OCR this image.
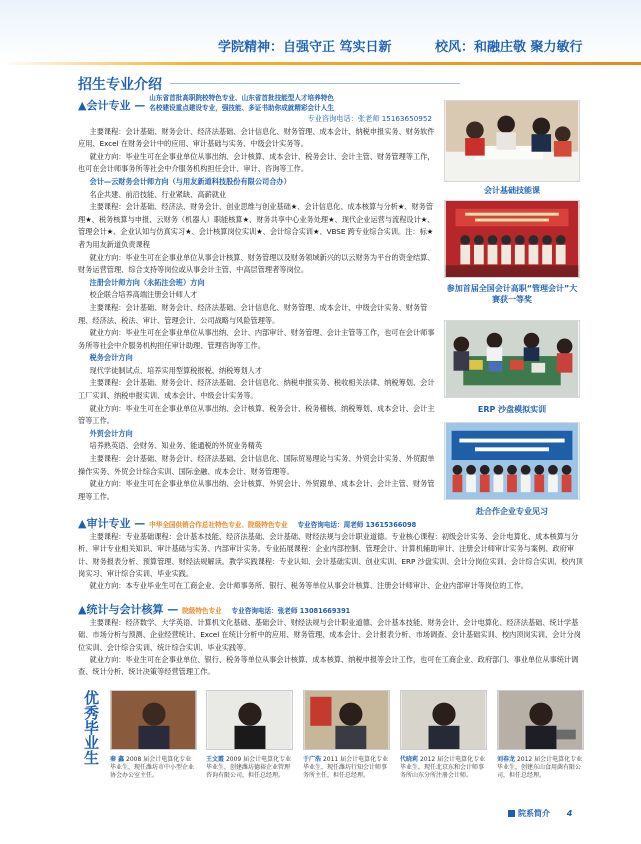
学院精神：自强守正 笃实日新	校风：和融庄敬 聚力敏行
招生专业介绍
▲会计专业 —
山东省首批高职院校特色专业、山东省首批技能型人才培养特色
名校建设重点建设专业，强技能、多证书助你成就精彩会计人生

专业咨询电话：张老师 15163650952

主要课程：会计基础、财务会计、经济法基础、会计信息化、财务管理、成本会计、纳税申报实务、财务软件应用、Excel 在财务会计中的应用、审计基础与实务、中级会计实务等。

就业方向：毕业生可在企事业单位从事出纳、会计核算、成本会计、税务会计、会计主管、财务管理等工作，也可在会计师事务所等社会中介服务机构担任会计、审计、咨询等工作。

会计—云财务会计师方向（与用友新道科技股份有限公司合办）

名企共建、前沿技能、行业紧缺、高薪就业

主要课程：会计基础、经济法、财务会计、创业思维与创业基础★、会计信息化、成本核算与分析★、财务管理★、税务核算与申报、云财务（机器人）职能核算★、财务共享中心业务处理★、现代企业运营与流程设计★、管理会计★、企业认知与仿真实习★、会计核算岗位实训★、会计综合实训★、VBSE 跨专业综合实训。注：标★者为用友新道负责课程

就业方向：毕业生可在企事业单位从事会计核算、财务管理以及财务领域新兴的以云财务为平台的资金结算、财务运营管理、综合支持等岗位或从事会计主管、中高层管理者等岗位。

注册会计师方向（永拓注会班）方向

校企联合培养高端注册会计师人才

主要课程：会计基础、财务会计、经济法基础、会计信息化、财务管理、成本会计、中级会计实务、财务管理、经济法、税法、审计、管理会计、公司战略与风险管理等。

就业方向：毕业生可在企事业单位从事出纳、会计、内部审计、财务管理、会计主管等工作，也可在会计师事务所等社会中介服务机构担任审计助理、管理咨询等工作。

税务会计方向

现代学徒制试点、培养实用型算税报税、纳税筹划人才

主要课程：会计基础、财务会计、经济法基础、会计信息化、纳税申报实务、税收相关法律、纳税筹划、会计工厂实训、纳税申报实训、成本会计、中级会计实务等。

就业方向：毕业生可在企事业单位从事出纳、会计核算、税务会计、税务稽核、纳税筹划、成本会计、会计主管等工作。

外贸会计方向

培养熟英语、会财务、知业务、能通税的外贸业务精英

主要课程：会计基础、财务会计、经济法基础、会计信息化、国际贸易理论与实务、外贸会计实务、外贸跟单操作实务、外贸会计综合实训、国际金融、成本会计、财务管理等。

就业方向：毕业生可在企事业单位从事出纳、会计核算、外贸会计、外贸跟单、成本会计、会计主管、财务管理等工作。

会计基础技能课
参加首届全国会计高职“管理会计”大赛获一等奖
ERP 沙盘模拟实训
赴合作企业专业见习
▲审计专业 — 中华全国供销合作总社特色专业、院级特色专业 专业咨询电话：周老师 13615366098

主要课程：专业基础课程：会计基本技能、经济法基础、会计基础、财经法规与会计职业道德。专业核心课程：初级会计实务、会计电算化、成本核算与分析、审计专业相关知识、审计基础与实务、内部审计实务。专业拓展课程：企业内部控制、管理会计、计算机辅助审计、注册会计师审计实务与案例、政府审计、财务报表分析、预算管理、财经法规解读。教学实践课程：专业认知、会计基础实训、创业实训、ERP 沙盘实训、会计分岗位实训、会计综合实训、校内顶岗实习、审计综合实训、毕业实践。

就业方向：本专业毕业生可在工商企业、会计师事务所、银行、税务等单位从事会计核算、注册会计师审计、企业内部审计等岗位的工作。

▲统计与会计核算 — 院级特色专业 专业咨询电话：张老师 13081669391

主要课程：经济数学、大学英语、计算机文化基础、基础会计、财经法规与会计职业道德、会计基本技能、财务会计、会计电算化、经济法基础、统计学基础、市场分析与预测、企业经营统计、Excel 在统计分析中的应用、财务管理、成本会计、会计报表分析、市场调查、会计基础实训、校内顶岗实训、会计分岗位实训、会计综合实训、统计综合实训、毕业实践等。

就业方向：毕业生可在企事业单位、银行、税务等单位从事会计核算、成本核算、纳税申报等会计工作，也可在工商企业、政府部门、事业单位从事统计调查、统计分析、统计决策等经营管理工作。

优秀毕业生 秦 鑫 2008 届会计电算化专业毕业生，现任潍坊市中小型企业协会办公室主任。
王文霞 2009 届会计电算化专业毕业生，创建潍坊德裕企业管理咨询有限公司，担任总经理。
于广浩 2011 届会计电算化专业毕业生，现任潍坊行知会计师事务所主任，担任总经理。
代晓莉 2012 届会计电算化专业毕业生，现任北京东和会计师事务所山东分所注册会计师。
刘春龙 2012 届会计电算化专业毕业生，创建东山食用菌有限公司，担任总经理。
院系简介 4
